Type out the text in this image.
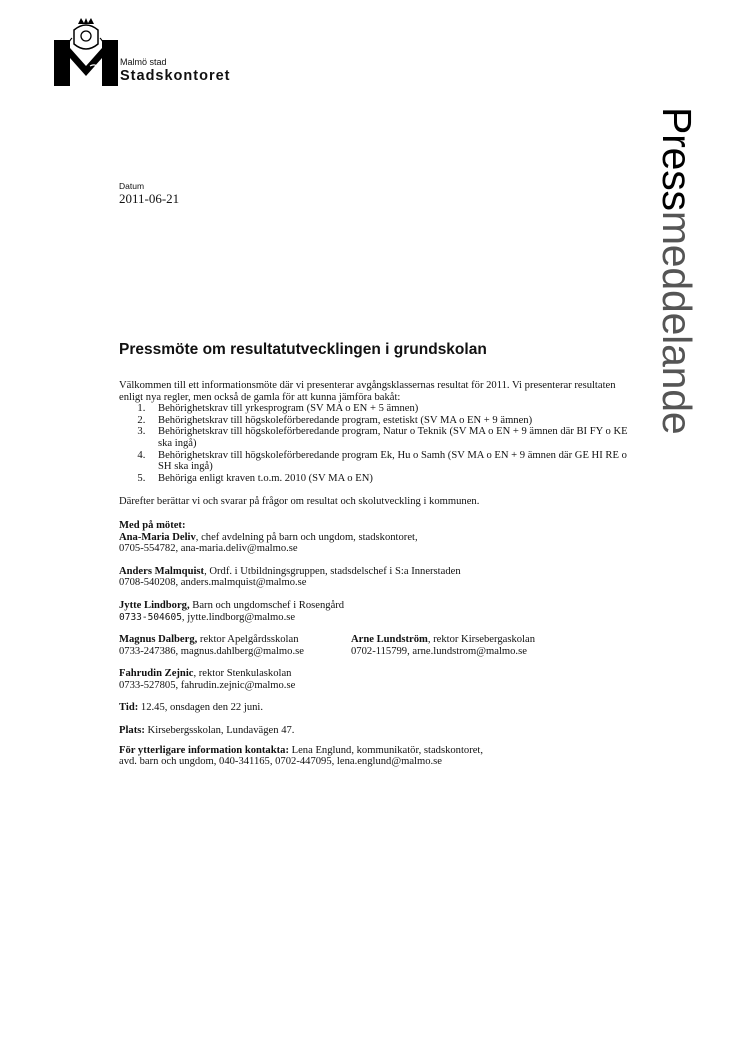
Malmö stad
Stadskontoret
Pressmeddelande
Datum
2011-06-21
Pressmöte om resultatutvecklingen i grundskolan

Välkommen till ett informationsmöte där vi presenterar avgångsklassernas resultat för 2011. Vi presenterar resultaten enligt nya regler, men också de gamla för att kunna jämföra bakåt:

1. Behörighetskrav till yrkesprogram (SV MA o EN + 5 ämnen)
2. Behörighetskrav till högskoleförberedande program, estetiskt (SV MA o EN + 9 ämnen)
3. Behörighetskrav till högskoleförberedande program, Natur o Teknik (SV MA o EN + 9 ämnen där BI FY o KE ska ingå)
4. Behörighetskrav till högskoleförberedande program Ek, Hu o Samh (SV MA o EN + 9 ämnen där GE HI RE o SH ska ingå)
5. Behöriga enligt kraven t.o.m. 2010 (SV MA o EN)

Därefter berättar vi och svarar på frågor om resultat och skolutveckling i kommunen.

Med på mötet:

Ana-Maria Deliv, chef avdelning på barn och ungdom, stadskontoret,

0705-554782, ana-maria.deliv@malmo.se

Anders Malmquist, Ordf. i Utbildningsgruppen, stadsdelschef i S:a Innerstaden

0708-540208, anders.malmquist@malmo.se

Jytte Lindborg, Barn och ungdomschef i Rosengård

0733-504605, jytte.lindborg@malmo.se

Magnus Dalberg, rektor Apelgårdsskolan

0733-247386, magnus.dahlberg@malmo.se

Arne Lundström, rektor Kirsebergaskolan

0702-115799, arne.lundstrom@malmo.se

Fahrudin Zejnic, rektor Stenkulaskolan

0733-527805, fahrudin.zejnic@malmo.se

Tid: 12.45, onsdagen den 22 juni.

Plats: Kirsebergsskolan, Lundavägen 47.

För ytterligare information kontakta: Lena Englund, kommunikatör, stadskontoret,

avd. barn och ungdom, 040-341165, 0702-447095, lena.englund@malmo.se
